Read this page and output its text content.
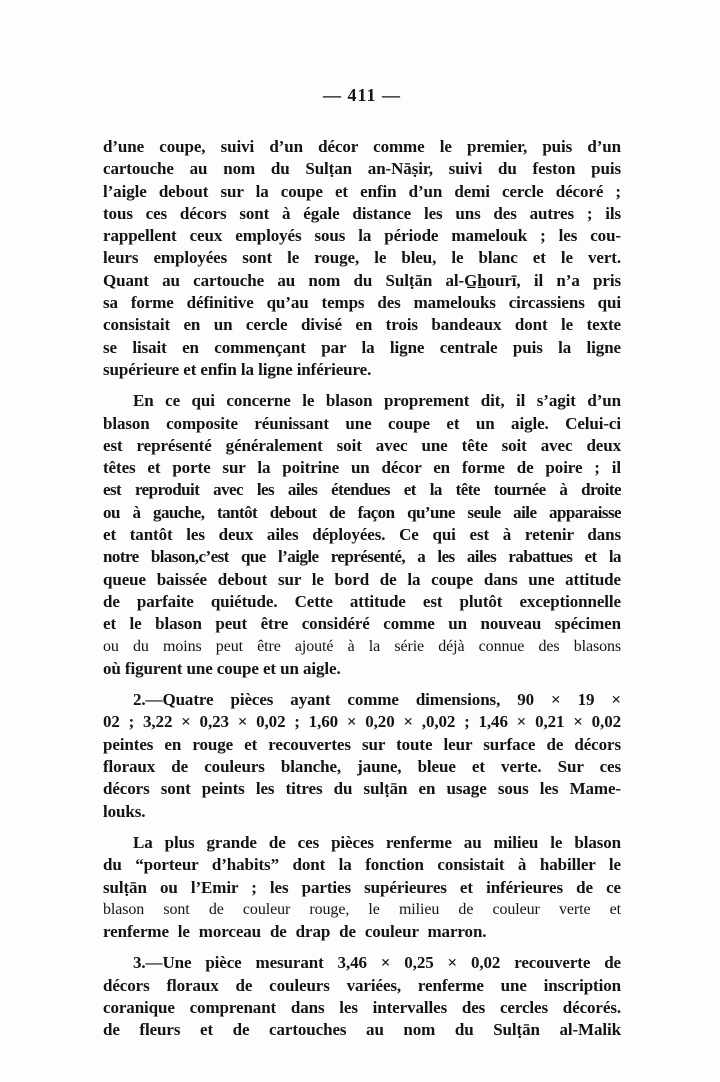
— 411 —
d’une coupe, suivi d’un décor comme le premier, puis d’un
cartouche au nom du Sulṭan an-Nāṣir, suivi du feston puis
l’aigle debout sur la coupe et enfin d’un demi cercle décoré ;
tous ces décors sont à égale distance les uns des autres ; ils
rappellent ceux employés sous la période mamelouk ; les cou-
leurs employées sont le rouge, le bleu, le blanc et le vert.
Quant au cartouche au nom du Sulṭān al-G̲h̲ourī, il n’a pris
sa forme définitive qu’au temps des mamelouks circassiens qui
consistait en un cercle divisé en trois bandeaux dont le texte
se lisait en commençant par la ligne centrale puis la ligne
supérieure et enfin la ligne inférieure.
En ce qui concerne le blason proprement dit, il s’agit d’un
blason composite réunissant une coupe et un aigle. Celui-ci
est représenté généralement soit avec une tête soit avec deux
têtes et porte sur la poitrine un décor en forme de poire ; il
est reproduit avec les ailes étendues et la tête tournée à droite
ou à gauche, tantôt debout de façon qu’une seule aile apparaisse
et tantôt les deux ailes déployées. Ce qui est à retenir dans
notre blason,c’est que l’aigle représenté, a les ailes rabattues et la
queue baissée debout sur le bord de la coupe dans une attitude
de parfaite quiétude. Cette attitude est plutôt exceptionnelle
et le blason peut être considéré comme un nouveau spécimen
ou du moins peut être ajouté à la série déjà connue des blasons
où figurent une coupe et un aigle.
2.—Quatre pièces ayant comme dimensions, 90 × 19 ×
02 ; 3,22 × 0,23 × 0,02 ; 1,60 × 0,20 × ,0,02 ; 1,46 × 0,21 × 0,02
peintes en rouge et recouvertes sur toute leur surface de décors
floraux de couleurs blanche, jaune, bleue et verte. Sur ces
décors sont peints les titres du sulṭān en usage sous les Mame-
louks.
La plus grande de ces pièces renferme au milieu le blason
du “porteur d’habits” dont la fonction consistait à habiller le
sulṭān ou l’Emir ; les parties supérieures et inférieures de ce
blason sont de couleur rouge, le milieu de couleur verte et
renferme le morceau de drap de couleur marron.
3.—Une pièce mesurant 3,46 × 0,25 × 0,02 recouverte de
décors floraux de couleurs variées, renferme une inscription
coranique comprenant dans les intervalles des cercles décorés.
de fleurs et de cartouches au nom du Sulṭān al-Malik
